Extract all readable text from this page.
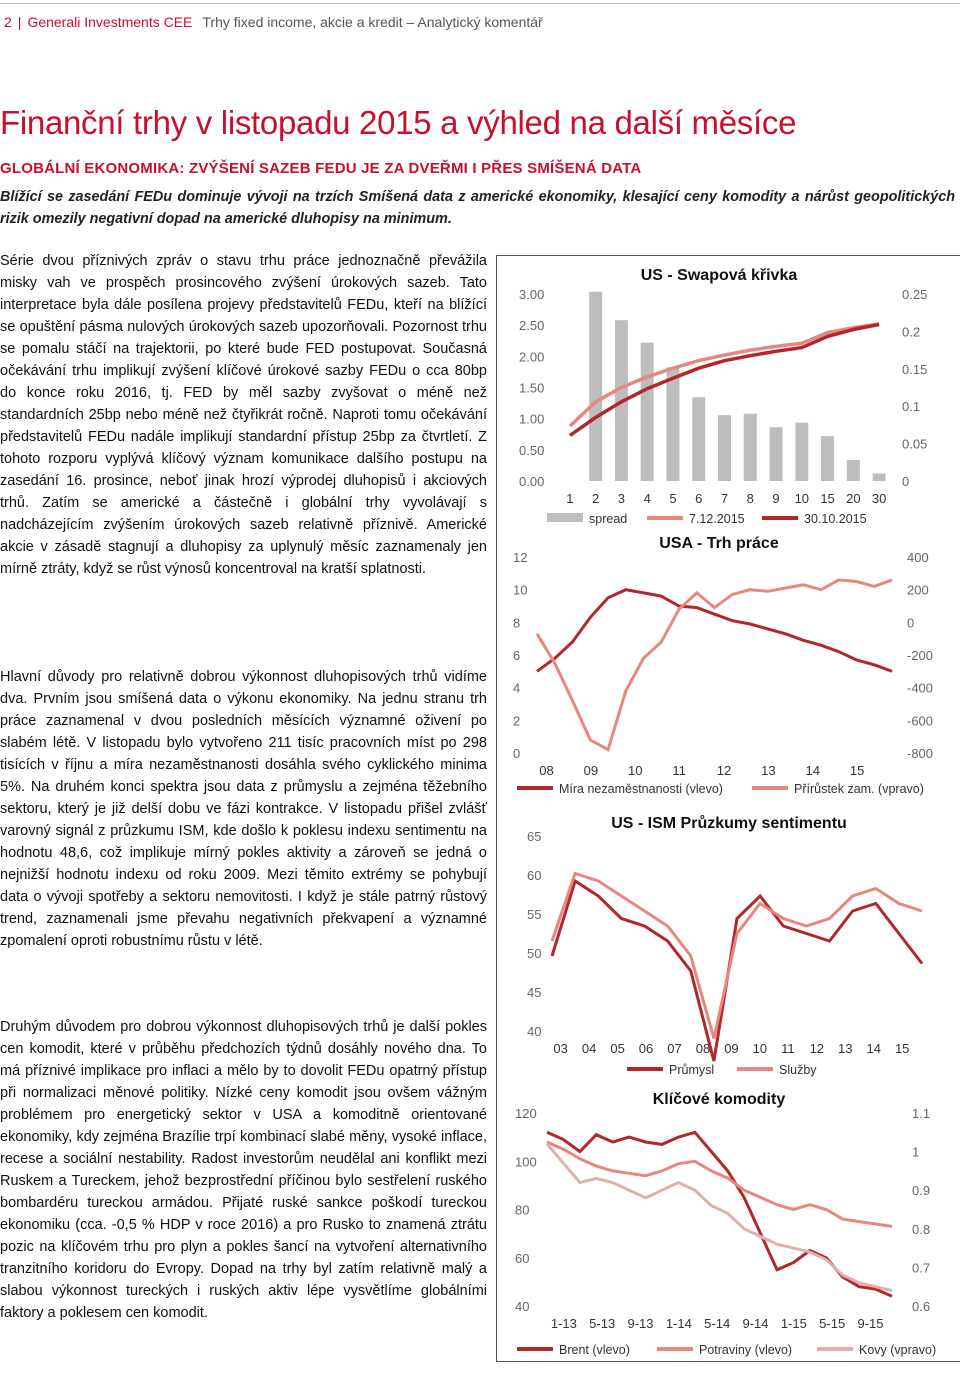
2 | Generali Investments CEE Trhy fixed income, akcie a kredit – Analytický komentář
Finanční trhy v listopadu 2015 a výhled na další měsíce
GLOBÁLNÍ EKONOMIKA: ZVÝŠENÍ SAZEB FEDU JE ZA DVEŘMI I PŘES SMÍŠENÁ DATA
Blížící se zasedání FEDu dominuje vývoji na trzích Smíšená data z americké ekonomiky, klesající ceny komodity a nárůst geopolitických rizik omezily negativní dopad na americké dluhopisy na minimum.
Série dvou příznivých zpráv o stavu trhu práce jednoznačně převážila misky vah ve prospěch prosincového zvýšení úrokových sazeb. Tato interpretace byla dále posílena projevy představitelů FEDu, kteří na blížící se opuštění pásma nulových úrokových sazeb upozorňovali. Pozornost trhu se pomalu stáčí na trajektorii, po které bude FED postupovat. Současná očekávání trhu implikují zvýšení klíčové úrokové sazby FEDu o cca 80bp do konce roku 2016, tj. FED by měl sazby zvyšovat o méně než standardních 25bp nebo méně než čtyřikrát ročně. Naproti tomu očekávání představitelů FEDu nadále implikují standardní přístup 25bp za čtvrtletí. Z tohoto rozporu vyplývá klíčový význam komunikace dalšího postupu na zasedání 16. prosince, neboť jinak hrozí výprodej dluhopisů i akciových trhů. Zatím se americké a částečně i globální trhy vyvolávají s nadcházejícím zvýšením úrokových sazeb relativně příznivě. Americké akcie v zásadě stagnují a dluhopisy za uplynulý měsíc zaznamenaly jen mírně ztráty, když se růst výnosů koncentroval na kratší splatnosti.
Hlavní důvody pro relativně dobrou výkonnost dluhopisových trhů vidíme dva. Prvním jsou smíšená data o výkonu ekonomiky. Na jednu stranu trh práce zaznamenal v dvou posledních měsících významné oživení po slabém létě. V listopadu bylo vytvořeno 211 tisíc pracovních míst po 298 tisících v říjnu a míra nezaměstnanosti dosáhla svého cyklického minima 5%. Na druhém konci spektra jsou data z průmyslu a zejména těžebního sektoru, který je již delší dobu ve fázi kontrakce. V listopadu přišel zvlášť varovný signál z průzkumu ISM, kde došlo k poklesu indexu sentimentu na hodnotu 48,6, což implikuje mírný pokles aktivity a zároveň se jedná o nejnižší hodnotu indexu od roku 2009. Mezi těmito extrémy se pohybují data o vývoji spotřeby a sektoru nemovitosti. I když je stále patrný růstový trend, zaznamenali jsme převahu negativních překvapení a významné zpomalení oproti robustnímu růstu v létě.
Druhým důvodem pro dobrou výkonnost dluhopisových trhů je další pokles cen komodit, které v průběhu předchozích týdnů dosáhly nového dna. To má příznivé implikace pro inflaci a mělo by to dovolit FEDu opatrný přístup při normalizaci měnové politiky. Nízké ceny komodit jsou ovšem vážným problémem pro energetický sektor v USA a komoditně orientované ekonomiky, kdy zejména Brazílie trpí kombinací slabé měny, vysoké inflace, recese a sociální nestability. Radost investorům neudělal ani konflikt mezi Ruskem a Tureckem, jehož bezprostřední příčinou bylo sestřelení ruského bombardéru tureckou armádou. Přijaté ruské sankce poškodí tureckou ekonomiku (cca. -0,5 % HDP v roce 2016) a pro Rusko to znamená ztrátu pozic na klíčovém trhu pro plyn a pokles šancí na vytvoření alternativního tranzitního koridoru do Evropy. Dopad na trhy byl zatím relativně malý a slabou výkonnost tureckých i ruských aktiv lépe vysvětlíme globálními faktory a poklesem cen komodit.
US - Swapová křivka
3.00
2.50
2.00
1.50
1.00
0.50
0.00
0.25
0.2
0.15
0.1
0.05
0
1 2 3 4 5 6 7 8 9 10 15 20 30
spread	7.12.2015	30.10.2015
USA - Trh práce
12
10
8
6
4
2
0
400
200
0
-200
-400
-600
-800
08 09 10 11 12 13 14 15
Míra nezaměstnanosti (vlevo)	Přírůstek zam. (vpravo)
US - ISM Průzkumy sentimentu
65
60
55
50
45
40
03 04 05 06 07 08 09 10 11 12 13 14 15
Průmysl	Služby
Klíčové komodity
120
100
80
60
40
1.1
1
0.9
0.8
0.7
0.6
1-13 5-13 9-13 1-14 5-14 9-14 1-15 5-15 9-15
Brent (vlevo)	Potraviny (vlevo)	Kovy (vpravo)
